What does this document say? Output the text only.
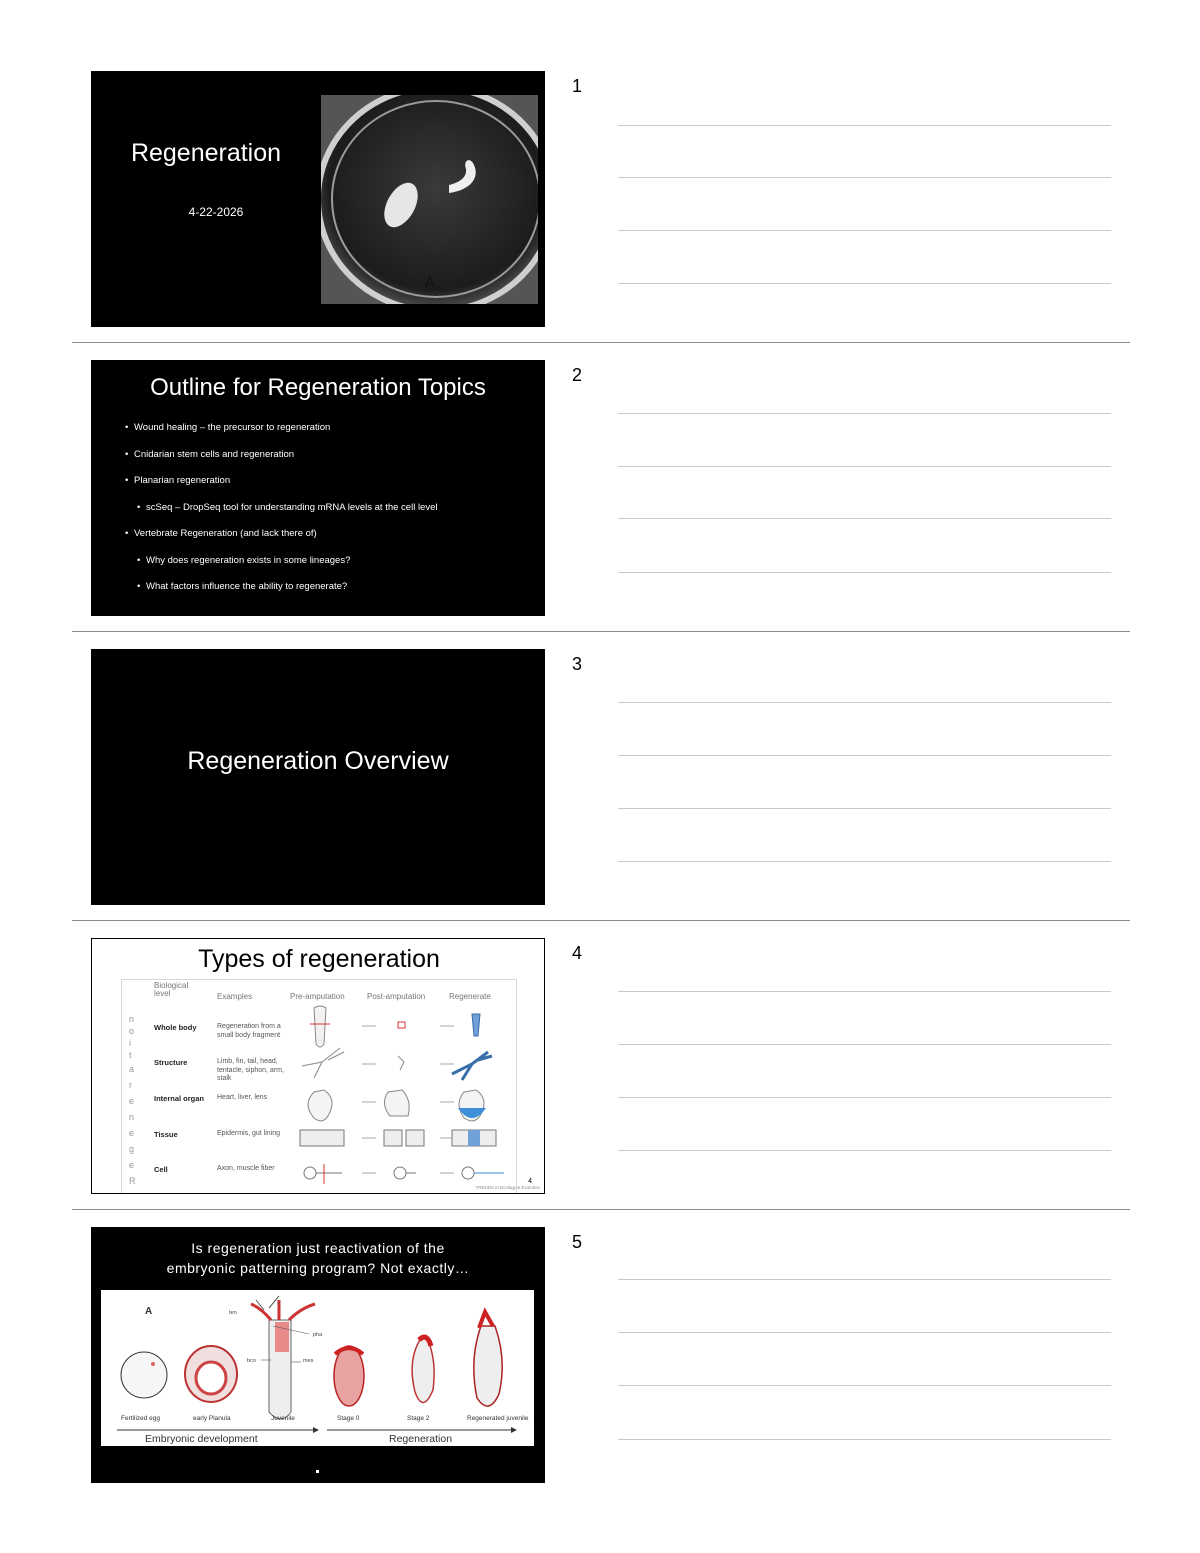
Regeneration
4-22-2026
A
1
Outline for Regeneration Topics
• Wound healing – the precursor to regeneration
• Cnidarian stem cells and regeneration
• Planarian regeneration
• scSeq – DropSeq tool for understanding mRNA levels at the cell level
• Vertebrate Regeneration (and lack there of)
• Why does regeneration exists in some lineages?
• What factors influence the ability to regenerate?
2
Regeneration Overview
3
Types of regeneration
Biological level	Examples	Pre-amputation	Post-amputation	Regenerate
R
e
g
e
n
e
r
a
t
i
o
n
Whole body	Regeneration from a small body fragment
Structure	Limb, fin, tail, head, tentacle, siphon, arm, stalk
Internal organ Heart, liver, lens
Tissue	Epidermis, gut lining
Cell	Axon, muscle fiber
TRENDS in Ecology & Evolution
4
4
Is regeneration just reactivation of the
embryonic patterning program? Not exactly…
A	ten
*
pha
bco	mes
Fertilized egg	early Planula	Juvenile	Stage 0	Stage 2	Regenerated juvenile
Embryonic development	Regeneration
5
